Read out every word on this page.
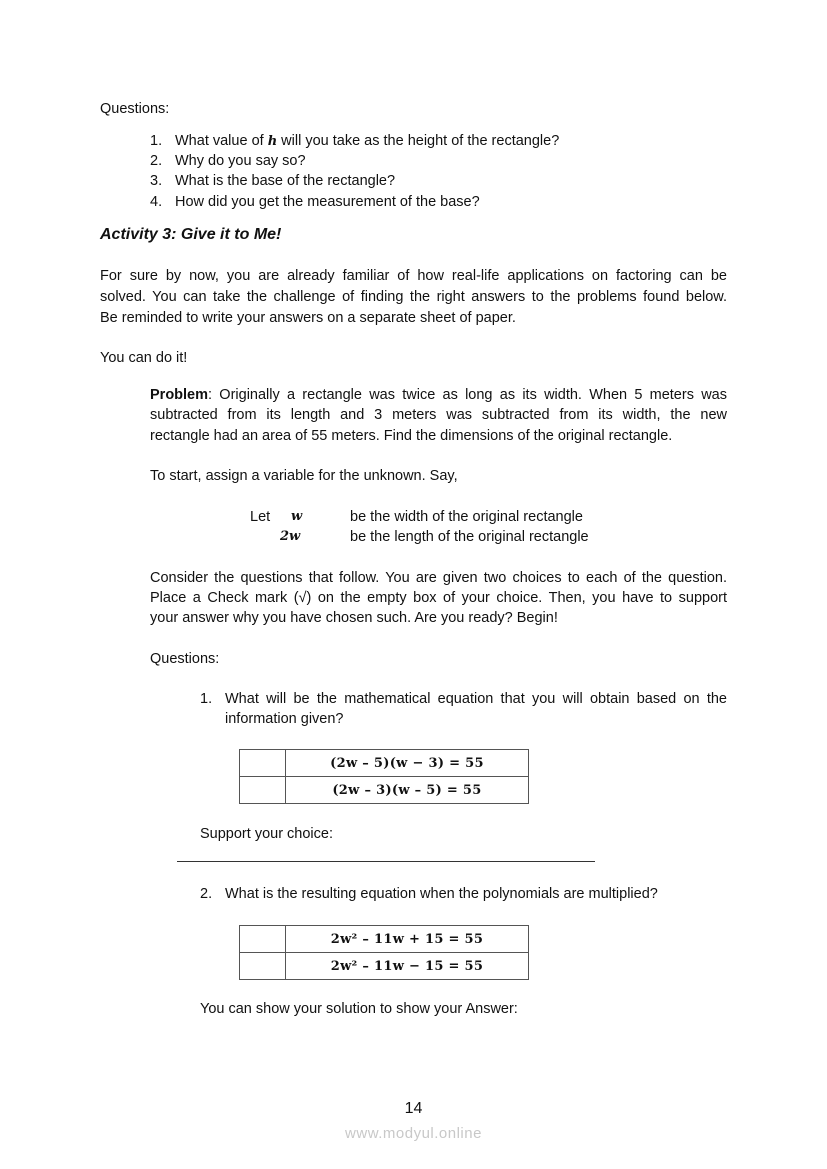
Questions:
1. What value of h will you take as the height of the rectangle?
2. Why do you say so?
3. What is the base of the rectangle?
4. How did you get the measurement of the base?
Activity 3: Give it to Me!
For sure by now, you are already familiar of how real-life applications on factoring can be
solved. You can take the challenge of finding the right answers to the problems found below.
Be reminded to write your answers on a separate sheet of paper.
You can do it!
Problem: Originally a rectangle was twice as long as its width. When 5 meters was
subtracted from its length and 3 meters was subtracted from its width, the new
rectangle had an area of 55 meters. Find the dimensions of the original rectangle.
To start, assign a variable for the unknown. Say,
Let w	be the width of the original rectangle
2w	be the length of the original rectangle
Consider the questions that follow. You are given two choices to each of the question.
Place a Check mark (√) on the empty box of your choice. Then, you have to support
your answer why you have chosen such. Are you ready? Begin!
Questions:
1. What will be the mathematical equation that you will obtain based on the
information given?
	(2w – 5)(w − 3) = 55
	(2w – 3)(w – 5) = 55
Support your choice:
2. What is the resulting equation when the polynomials are multiplied?
	2w² – 11w + 15 = 55
	2w² – 11w − 15 = 55
You can show your solution to show your Answer:
14
www.modyul.online
